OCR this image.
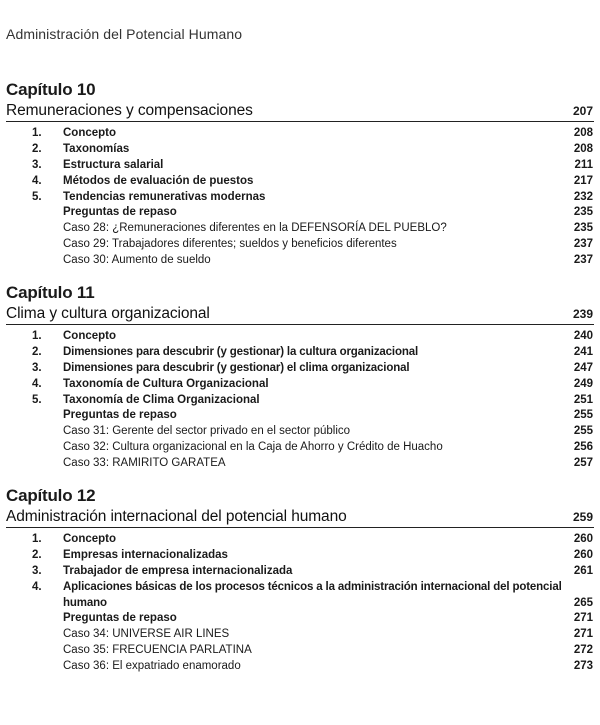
Administración del Potencial Humano
Capítulo 10
Remuneraciones y compensaciones	207
1.	Concepto	208
2.	Taxonomías	208
3.	Estructura salarial	211
4.	Métodos de evaluación de puestos	217
5.	Tendencias remunerativas modernas	232
Preguntas de repaso	235
Caso 28: ¿Remuneraciones diferentes en la DEFENSORÍA DEL PUEBLO?	235
Caso 29: Trabajadores diferentes; sueldos y beneficios diferentes	237
Caso 30: Aumento de sueldo	237
Capítulo 11
Clima y cultura organizacional	239
1.	Concepto	240
2.	Dimensiones para descubrir (y gestionar) la cultura organizacional	241
3.	Dimensiones para descubrir (y gestionar) el clima organizacional	247
4.	Taxonomía de Cultura Organizacional	249
5.	Taxonomía de Clima Organizacional	251
Preguntas de repaso	255
Caso 31: Gerente del sector privado en el sector público	255
Caso 32: Cultura organizacional en la Caja de Ahorro y Crédito de Huacho	256
Caso 33: RAMIRITO GARATEA	257
Capítulo 12
Administración internacional del potencial humano	259
1.	Concepto	260
2.	Empresas internacionalizadas	260
3.	Trabajador de empresa internacionalizada	261
4.	Aplicaciones básicas de los procesos técnicos a la administración internacional del potencial humano	265
Preguntas de repaso	271
Caso 34: UNIVERSE AIR LINES	271
Caso 35: FRECUENCIA PARLATINA	272
Caso 36: El expatriado enamorado	273
